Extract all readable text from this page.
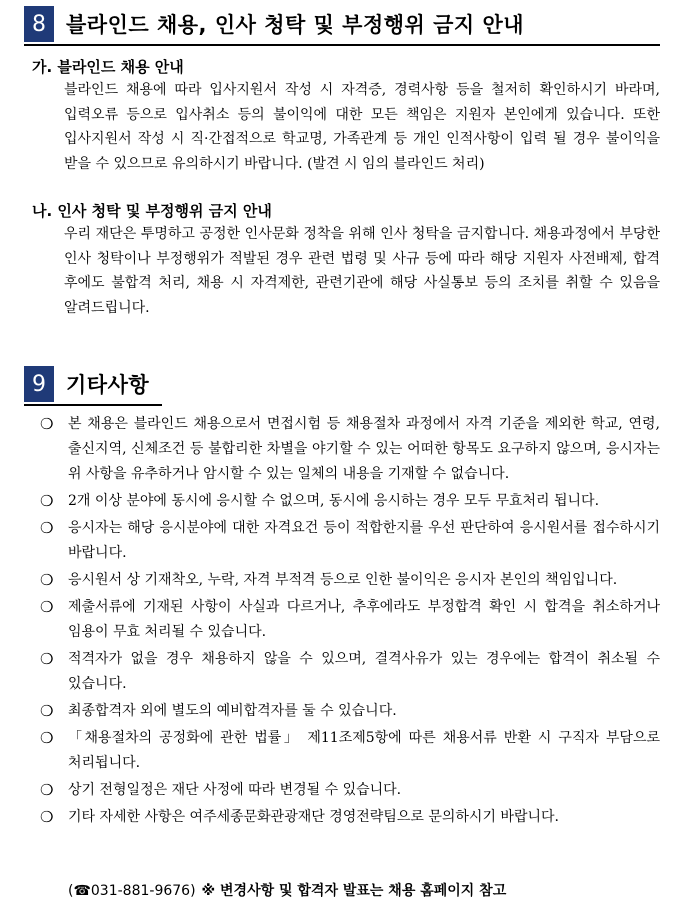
8 블라인드 채용, 인사 청탁 및 부정행위 금지 안내
가. 블라인드 채용 안내
블라인드 채용에 따라 입사지원서 작성 시 자격증, 경력사항 등을 철저히 확인하시기 바라며, 입력오류 등으로 입사취소 등의 불이익에 대한 모든 책임은 지원자 본인에게 있습니다. 또한 입사지원서 작성 시 직·간접적으로 학교명, 가족관계 등 개인 인적사항이 입력 될 경우 불이익을 받을 수 있으므로 유의하시기 바랍니다. (발견 시 임의 블라인드 처리)
나. 인사 청탁 및 부정행위 금지 안내
우리 재단은 투명하고 공정한 인사문화 정착을 위해 인사 청탁을 금지합니다. 채용과정에서 부당한 인사 청탁이나 부정행위가 적발된 경우 관련 법령 및 사규 등에 따라 해당 지원자 사전배제, 합격 후에도 불합격 처리, 채용 시 자격제한, 관련기관에 해당 사실통보 등의 조치를 취할 수 있음을 알려드립니다.
9 기타사항
❍ 본 채용은 블라인드 채용으로서 면접시험 등 채용절차 과정에서 자격 기준을 제외한 학교, 연령, 출신지역, 신체조건 등 불합리한 차별을 야기할 수 있는 어떠한 항목도 요구하지 않으며, 응시자는 위 사항을 유추하거나 암시할 수 있는 일체의 내용을 기재할 수 없습니다.
❍ 2개 이상 분야에 동시에 응시할 수 없으며, 동시에 응시하는 경우 모두 무효처리 됩니다.
❍ 응시자는 해당 응시분야에 대한 자격요건 등이 적합한지를 우선 판단하여 응시원서를 접수하시기 바랍니다.
❍ 응시원서 상 기재착오, 누락, 자격 부적격 등으로 인한 불이익은 응시자 본인의 책임입니다.
❍ 제출서류에 기재된 사항이 사실과 다르거나, 추후에라도 부정합격 확인 시 합격을 취소하거나 임용이 무효 처리될 수 있습니다.
❍ 적격자가 없을 경우 채용하지 않을 수 있으며, 결격사유가 있는 경우에는 합격이 취소될 수 있습니다.
❍ 최종합격자 외에 별도의 예비합격자를 둘 수 있습니다.
❍ 「채용절차의 공정화에 관한 법률」 제11조제5항에 따른 채용서류 반환 시 구직자 부담으로 처리됩니다.
❍ 상기 전형일정은 재단 사정에 따라 변경될 수 있습니다.
❍ 기타 자세한 사항은 여주세종문화관광재단 경영전략팀으로 문의하시기 바랍니다.
(☎031-881-9676) ※ 변경사항 및 합격자 발표는 채용 홈페이지 참고
